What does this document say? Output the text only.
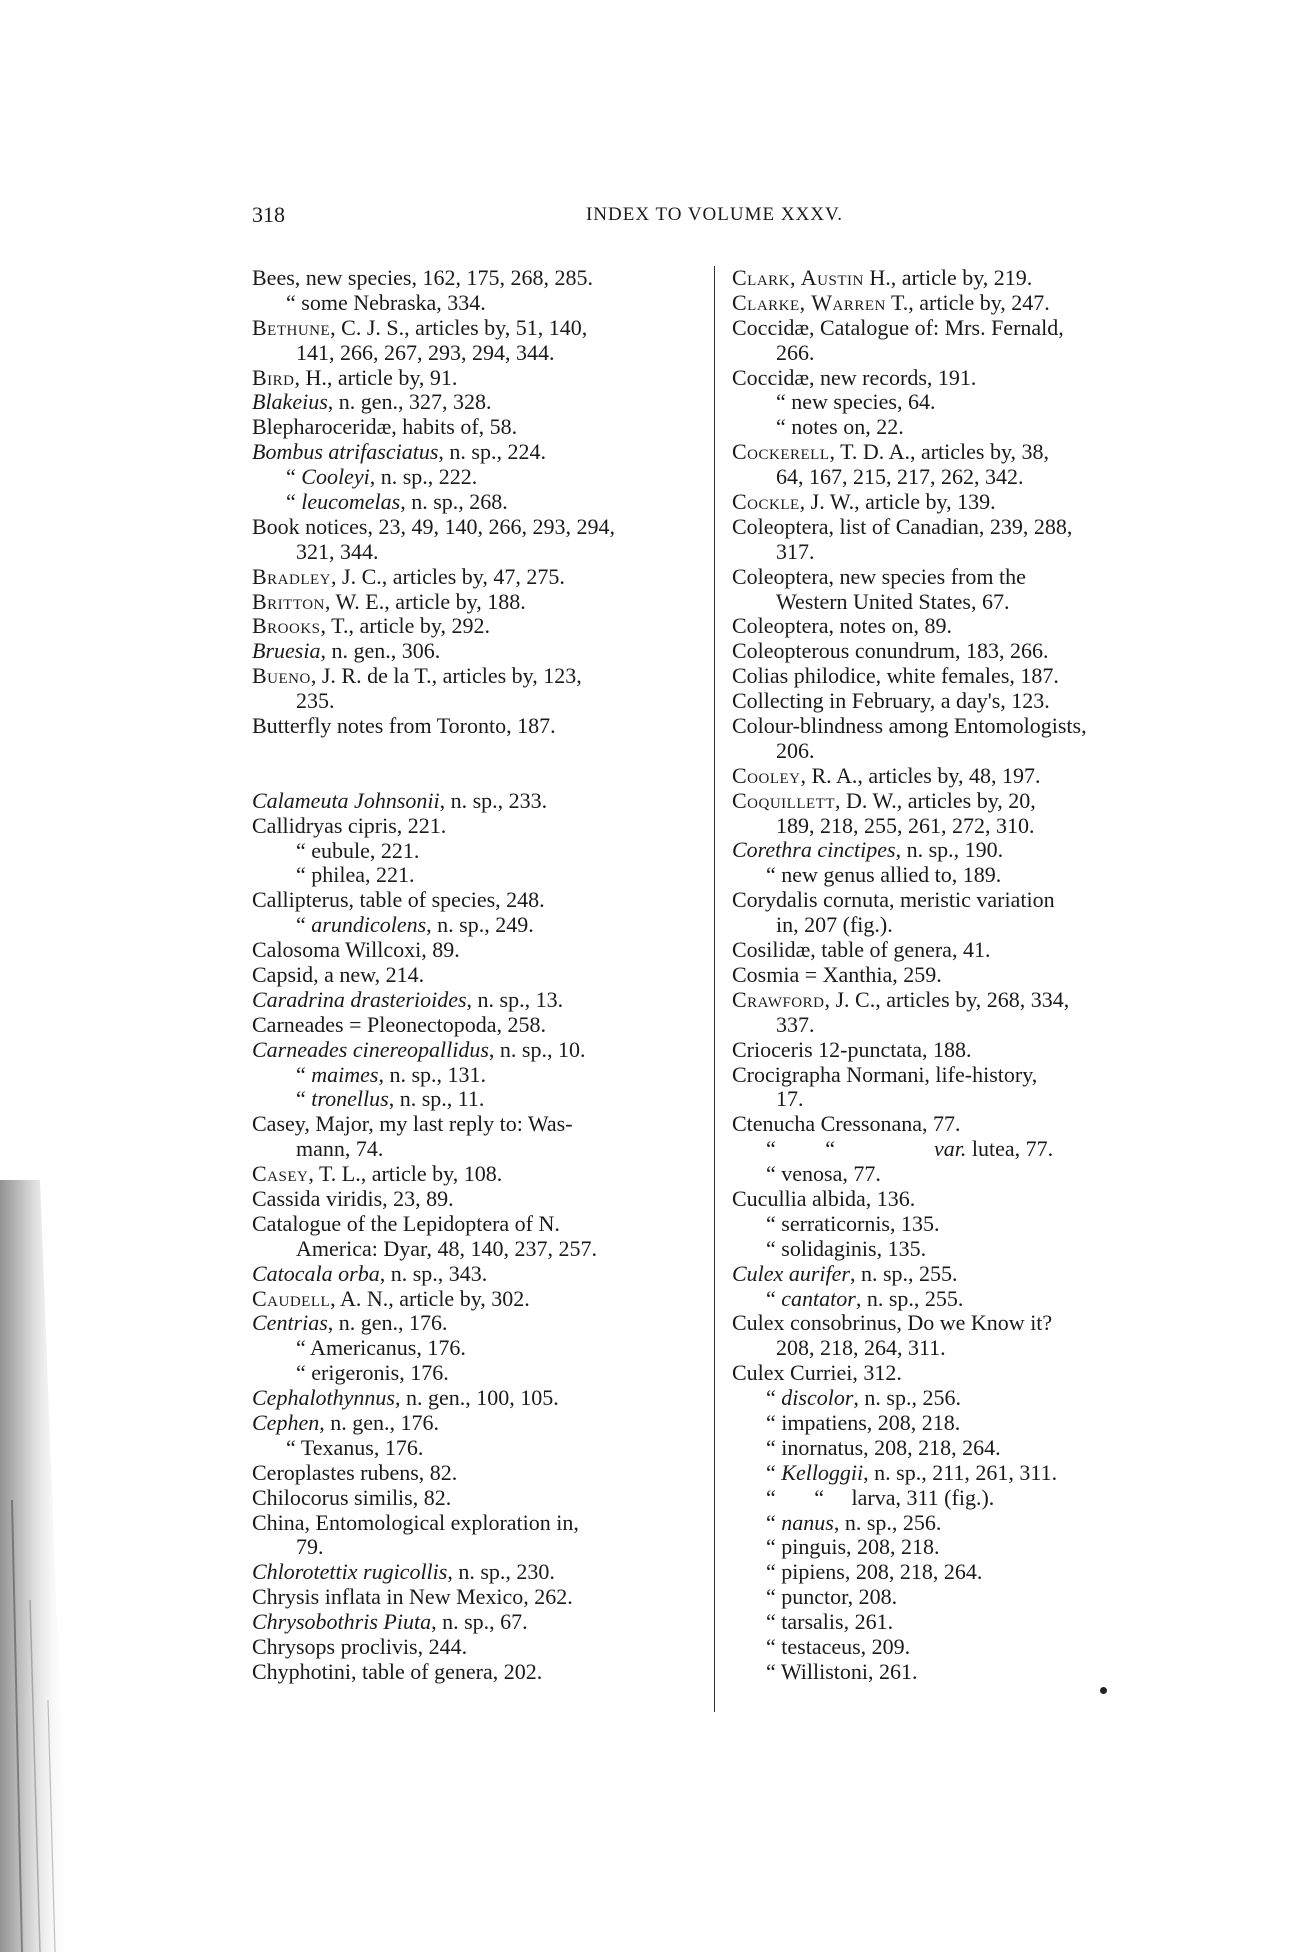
318	INDEX TO VOLUME XXXV.
Bees, new species, 162, 175, 268, 285.
“ some Nebraska, 334.
Bethune, C. J. S., articles by, 51, 140,
141, 266, 267, 293, 294, 344.
Bird, H., article by, 91.
Blakeius, n. gen., 327, 328.
Blepharoceridæ, habits of, 58.
Bombus atrifasciatus, n. sp., 224.
“ Cooleyi, n. sp., 222.
“ leucomelas, n. sp., 268.
Book notices, 23, 49, 140, 266, 293, 294,
321, 344.
Bradley, J. C., articles by, 47, 275.
Britton, W. E., article by, 188.
Brooks, T., article by, 292.
Bruesia, n. gen., 306.
Bueno, J. R. de la T., articles by, 123,
235.
Butterfly notes from Toronto, 187.
Calameuta Johnsonii, n. sp., 233.
Callidryas cipris, 221.
“ eubule, 221.
“ philea, 221.
Callipterus, table of species, 248.
“ arundicolens, n. sp., 249.
Calosoma Willcoxi, 89.
Capsid, a new, 214.
Caradrina drasterioides, n. sp., 13.
Carneades = Pleonectopoda, 258.
Carneades cinereopallidus, n. sp., 10.
“ maimes, n. sp., 131.
“ tronellus, n. sp., 11.
Casey, Major, my last reply to: Was-
mann, 74.
Casey, T. L., article by, 108.
Cassida viridis, 23, 89.
Catalogue of the Lepidoptera of N.
America: Dyar, 48, 140, 237, 257.
Catocala orba, n. sp., 343.
Caudell, A. N., article by, 302.
Centrias, n. gen., 176.
“ Americanus, 176.
“ erigeronis, 176.
Cephalothynnus, n. gen., 100, 105.
Cephen, n. gen., 176.
“ Texanus, 176.
Ceroplastes rubens, 82.
Chilocorus similis, 82.
China, Entomological exploration in,
79.
Chlorotettix rugicollis, n. sp., 230.
Chrysis inflata in New Mexico, 262.
Chrysobothris Piuta, n. sp., 67.
Chrysops proclivis, 244.
Chyphotini, table of genera, 202.
Clark, Austin H., article by, 219.
Clarke, Warren T., article by, 247.
Coccidæ, Catalogue of: Mrs. Fernald,
266.
Coccidæ, new records, 191.
“ new species, 64.
“ notes on, 22.
Cockerell, T. D. A., articles by, 38,
64, 167, 215, 217, 262, 342.
Cockle, J. W., article by, 139.
Coleoptera, list of Canadian, 239, 288,
317.
Coleoptera, new species from the
Western United States, 67.
Coleoptera, notes on, 89.
Coleopterous conundrum, 183, 266.
Colias philodice, white females, 187.
Collecting in February, a day's, 123.
Colour-blindness among Entomologists,
206.
Cooley, R. A., articles by, 48, 197.
Coquillett, D. W., articles by, 20,
189, 218, 255, 261, 272, 310.
Corethra cinctipes, n. sp., 190.
“ new genus allied to, 189.
Corydalis cornuta, meristic variation
in, 207 (fig.).
Cosilidæ, table of genera, 41.
Cosmia = Xanthia, 259.
Crawford, J. C., articles by, 268, 334,
337.
Crioceris 12-punctata, 188.
Crocigrapha Normani, life-history,
17.
Ctenucha Cressonana, 77.
“         “                  var. lutea, 77.
“ venosa, 77.
Cucullia albida, 136.
“ serraticornis, 135.
“ solidaginis, 135.
Culex aurifer, n. sp., 255.
“ cantator, n. sp., 255.
Culex consobrinus, Do we Know it?
208, 218, 264, 311.
Culex Curriei, 312.
“ discolor, n. sp., 256.
“ impatiens, 208, 218.
“ inornatus, 208, 218, 264.
“ Kelloggii, n. sp., 211, 261, 311.
“       “     larva, 311 (fig.).
“ nanus, n. sp., 256.
“ pinguis, 208, 218.
“ pipiens, 208, 218, 264.
“ punctor, 208.
“ tarsalis, 261.
“ testaceus, 209.
“ Willistoni, 261.
